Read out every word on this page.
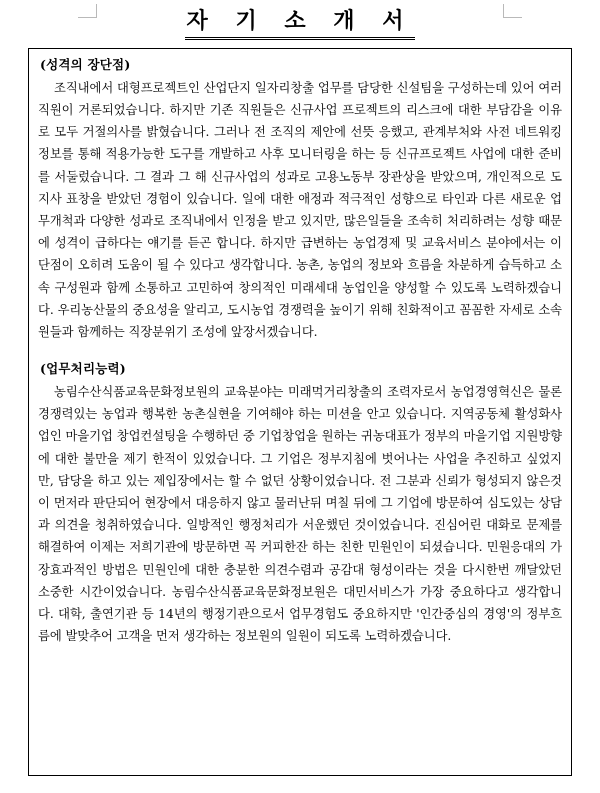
자 기 소 개 서
(성격의 장단점)

조직내에서 대형프로젝트인 산업단지 일자리창출 업무를 담당한 신설팀을 구성하는데 있어 여러 직원이 거론되었습니다. 하지만 기존 직원들은 신규사업 프로젝트의 리스크에 대한 부담감을 이유로 모두 거절의사를 밝혔습니다. 그러나 전 조직의 제안에 선뜻 응했고, 관계부처와 사전 네트워킹 정보를 통해 적용가능한 도구를 개발하고 사후 모니터링을 하는 등 신규프로젝트 사업에 대한 준비를 서둘렀습니다. 그 결과 그 해 신규사업의 성과로 고용노동부 장관상을 받았으며, 개인적으로 도지사 표창을 받았던 경험이 있습니다. 일에 대한 애정과 적극적인 성향으로 타인과 다른 새로운 업무개척과 다양한 성과로 조직내에서 인정을 받고 있지만, 많은일들을 조속히 처리하려는 성향 때문에 성격이 급하다는 얘기를 듣곤 합니다. 하지만 급변하는 농업경제 및 교육서비스 분야에서는 이 단점이 오히려 도움이 될 수 있다고 생각합니다. 농촌, 농업의 정보와 흐름을 차분하게 습득하고 소속 구성원과 함께 소통하고 고민하여 창의적인 미래세대 농업인을 양성할 수 있도록 노력하겠습니다. 우리농산물의 중요성을 알리고, 도시농업 경쟁력을 높이기 위해 친화적이고 꼼꼼한 자세로 소속원들과 함께하는 직장분위기 조성에 앞장서겠습니다.

(업무처리능력)

농림수산식품교육문화정보원의 교육분야는 미래먹거리창출의 조력자로서 농업경영혁신은 물론 경쟁력있는 농업과 행복한 농촌실현을 기여해야 하는 미션을 안고 있습니다. 지역공동체 활성화사업인 마을기업 창업컨설팅을 수행하던 중 기업창업을 원하는 귀농대표가 정부의 마을기업 지원방향에 대한 불만을 제기 한적이 있었습니다. 그 기업은 정부지침에 벗어나는 사업을 추진하고 싶었지만, 담당을 하고 있는 제입장에서는 할 수 없던 상황이었습니다. 전 그분과 신뢰가 형성되지 않은것이 먼저라 판단되어 현장에서 대응하지 않고 물러난뒤 며칠 뒤에 그 기업에 방문하여 심도있는 상담과 의견을 청취하였습니다. 일방적인 행정처리가 서운했던 것이었습니다. 진심어린 대화로 문제를 해결하여 이제는 저희기관에 방문하면 꼭 커피한잔 하는 친한 민원인이 되셨습니다. 민원응대의 가장효과적인 방법은 민원인에 대한 충분한 의견수렴과 공감대 형성이라는 것을 다시한번 깨달았던 소중한 시간이었습니다. 농림수산식품교육문화정보원은 대민서비스가 가장 중요하다고 생각합니다. 대학, 출연기관 등 14년의 행정기관으로서 업무경험도 중요하지만 '인간중심의 경영'의 정부흐름에 발맞추어 고객을 먼저 생각하는 정보원의 일원이 되도록 노력하겠습니다.
